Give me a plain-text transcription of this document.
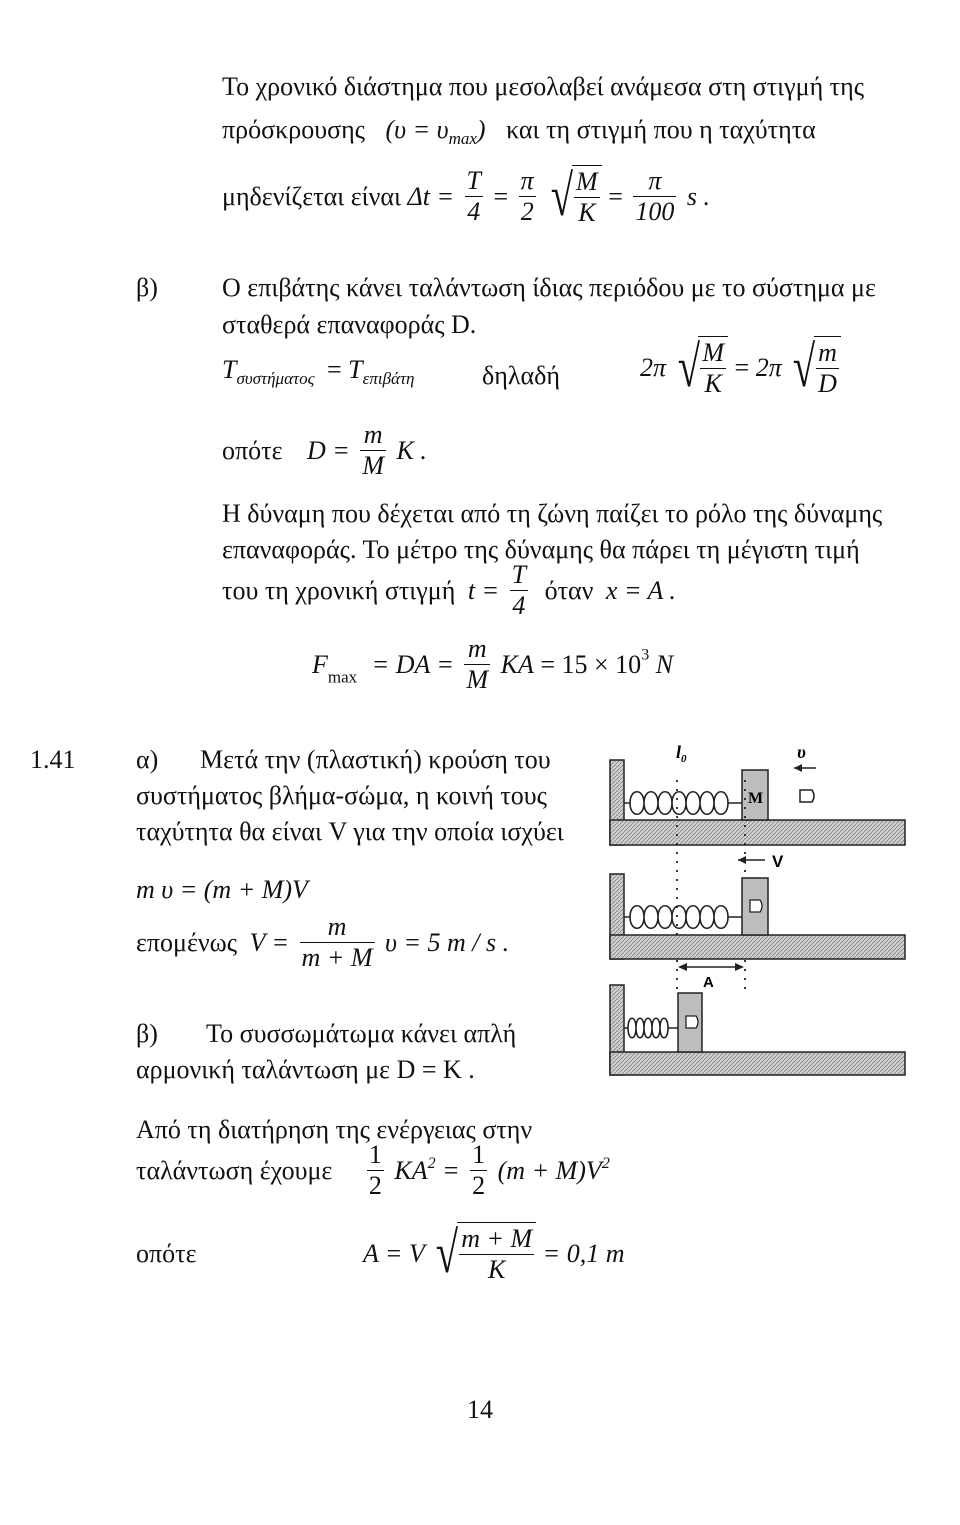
Το χρονικό διάστημα που μεσολαβεί ανάμεσα στη στιγμή της
πρόσκρουσης $(\upsilon = \upsilon_{max})$ και τη στιγμή που η ταχύτητα
μηδενίζεται είναι $\Delta t = \frac{T}{4} = \frac{\pi}{2}$ √ $\frac{M}{K} = \frac{\pi}{100}$ s .
β) Ο επιβάτης κάνει ταλάντωση ίδιας περιόδου με το σύστημα με
σταθερά επαναφοράς D.
$T_{\sigma\upsilon\sigma\tau ή\mu\alpha\tau o\varsigma} = T_{\varepsilon\pi\iota\beta ά\tau\eta}$	δηλαδή	2π √ $\frac{M}{K} = 2\pi$ √ $\frac{m}{D}$
οπότε $D = \frac{m}{M}$ K .
Η δύναμη που δέχεται από τη ζώνη παίζει το ρόλο της δύναμης
επαναφοράς. Το μέτρο της δύναμης θα πάρει τη μέγιστη τιμή
του τη χρονική στιγμή $t = \frac{T}{4}$ όταν x = A .
$F_{max}$ = DA = $\frac{m}{M}$ KA = $15 \times 10^3$ N
1.41 α) Μετά την (πλαστική) κρούση του
συστήματος βλήμα-σώμα, η κοινή τους
ταχύτητα θα είναι V για την οποία ισχύει
m υ = (m + M)V
επομένως $V = \frac{m}{m + M}$ υ = 5 m / s .
β) Το συσσωμάτωμα κάνει απλή
αρμονική ταλάντωση με D = K .
Από τη διατήρηση της ενέργειας στην
ταλάντωση έχουμε $\frac{1}{2} KA^2 = \frac{1}{2} (m + M)V^2$
οπότε	A = V √ $\frac{m + M}{K} = 0,1$ m
M
υ
$l_0$
V
A
14
